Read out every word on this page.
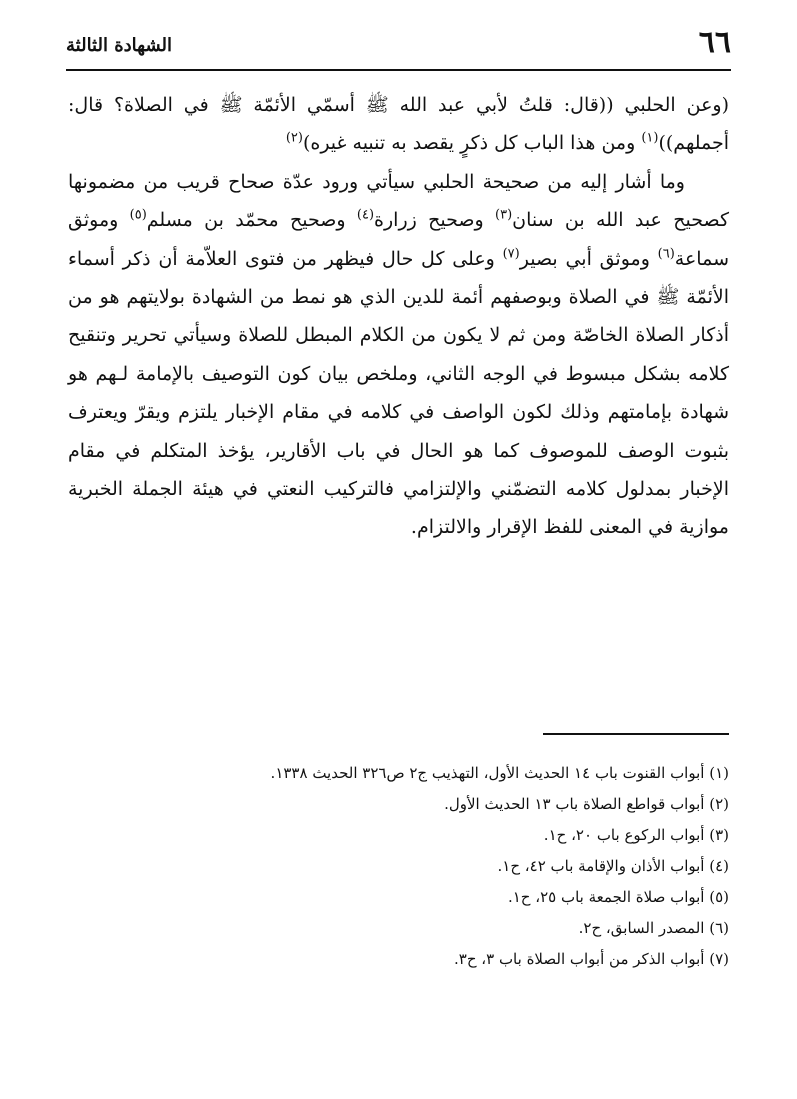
٦٦
الشهادة الثالثة

(وعن الحلبي ((قال: قلتُ لأبي عبد الله ﷺ أسمّي الأئمّة ﷺ في الصلاة؟ قال: أجملهم))$^{(١)}$ ومن هذا الباب كل ذكرٍ يقصد به تنبيه غيره)$^{(٢)}$

وما أشار إليه من صحيحة الحلبي سيأتي ورود عدّة صحاح قريب من مضمونها كصحيح عبد الله بن سنان$^{(٣)}$ وصحيح زرارة$^{(٤)}$ وصحيح محمّد بن مسلم$^{(٥)}$ وموثق سماعة$^{(٦)}$ وموثق أبي بصير$^{(٧)}$ وعلى كل حال فيظهر من فتوى العلاّمة أن ذكر أسماء الأئمّة ﷺ في الصلاة وبوصفهم أئمة للدين الذي هو نمط من الشهادة بولايتهم هو من أذكار الصلاة الخاصّة ومن ثم لا يكون من الكلام المبطل للصلاة وسيأتي تحرير وتنقيح كلامه بشكل مبسوط في الوجه الثاني، وملخص بيان كون التوصيف بالإمامة لـهم هو شهادة بإمامتهم وذلك لكون الواصف في كلامه في مقام الإخبار يلتزم ويقرّ ويعترف بثبوت الوصف للموصوف كما هو الحال في باب الأقارير، يؤخذ المتكلم في مقام الإخبار بمدلول كلامه التضمّني والإلتزامي فالتركيب النعتي في هيئة الجملة الخبرية موازية في المعنى للفظ الإقرار والالتزام.

(١) أبواب القنوت باب ١٤ الحديث الأول، التهذيب ج٢ ص٣٢٦ الحديث ١٣٣٨.
(٢) أبواب قواطع الصلاة باب ١٣ الحديث الأول.
(٣) أبواب الركوع باب ٢٠، ح١.
(٤) أبواب الأذان والإقامة باب ٤٢، ح١.
(٥) أبواب صلاة الجمعة باب ٢٥، ح١.
(٦) المصدر السابق، ح٢.
(٧) أبواب الذكر من أبواب الصلاة باب ٣، ح٣.
